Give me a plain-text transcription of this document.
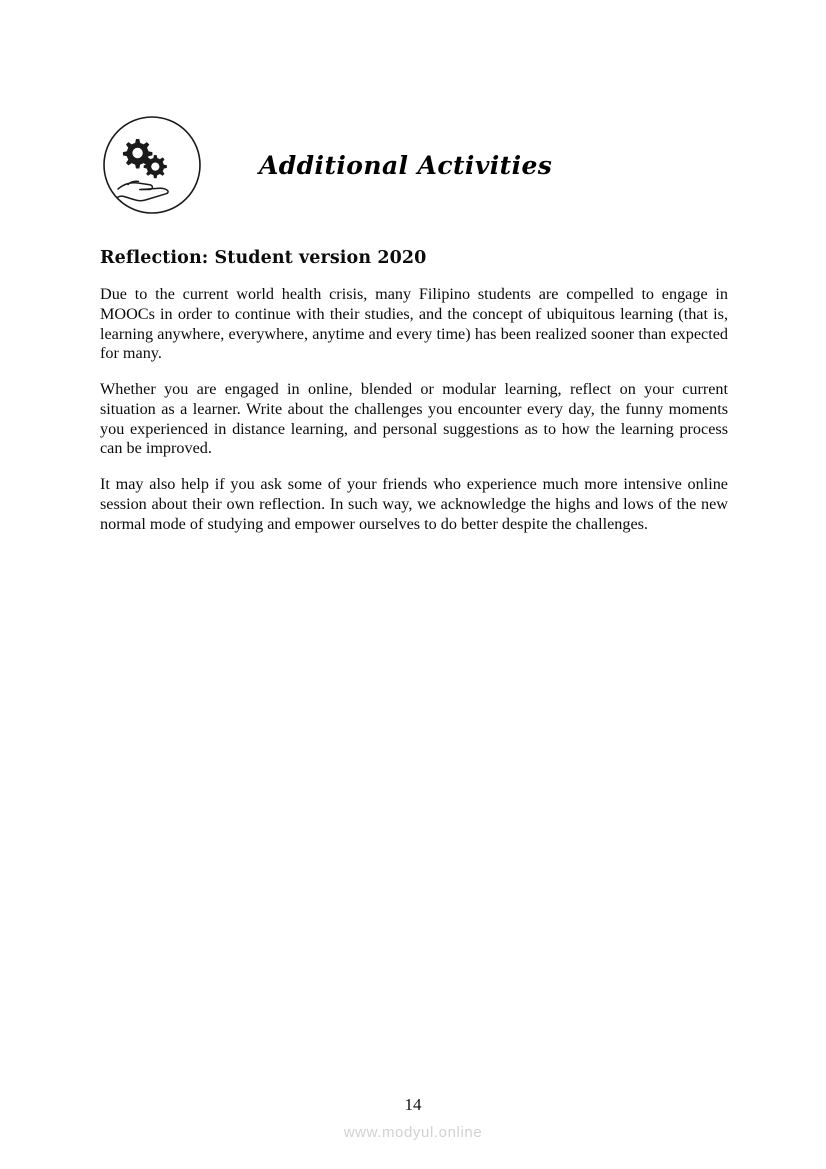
Additional Activities
Reflection: Student version 2020

Due to the current world health crisis, many Filipino students are compelled to engage in MOOCs in order to continue with their studies, and the concept of ubiquitous learning (that is, learning anywhere, everywhere, anytime and every time) has been realized sooner than expected for many.

Whether you are engaged in online, blended or modular learning, reflect on your current situation as a learner. Write about the challenges you encounter every day, the funny moments you experienced in distance learning, and personal suggestions as to how the learning process can be improved.

It may also help if you ask some of your friends who experience much more intensive online session about their own reflection. In such way, we acknowledge the highs and lows of the new normal mode of studying and empower ourselves to do better despite the challenges.

14
www.modyul.online
